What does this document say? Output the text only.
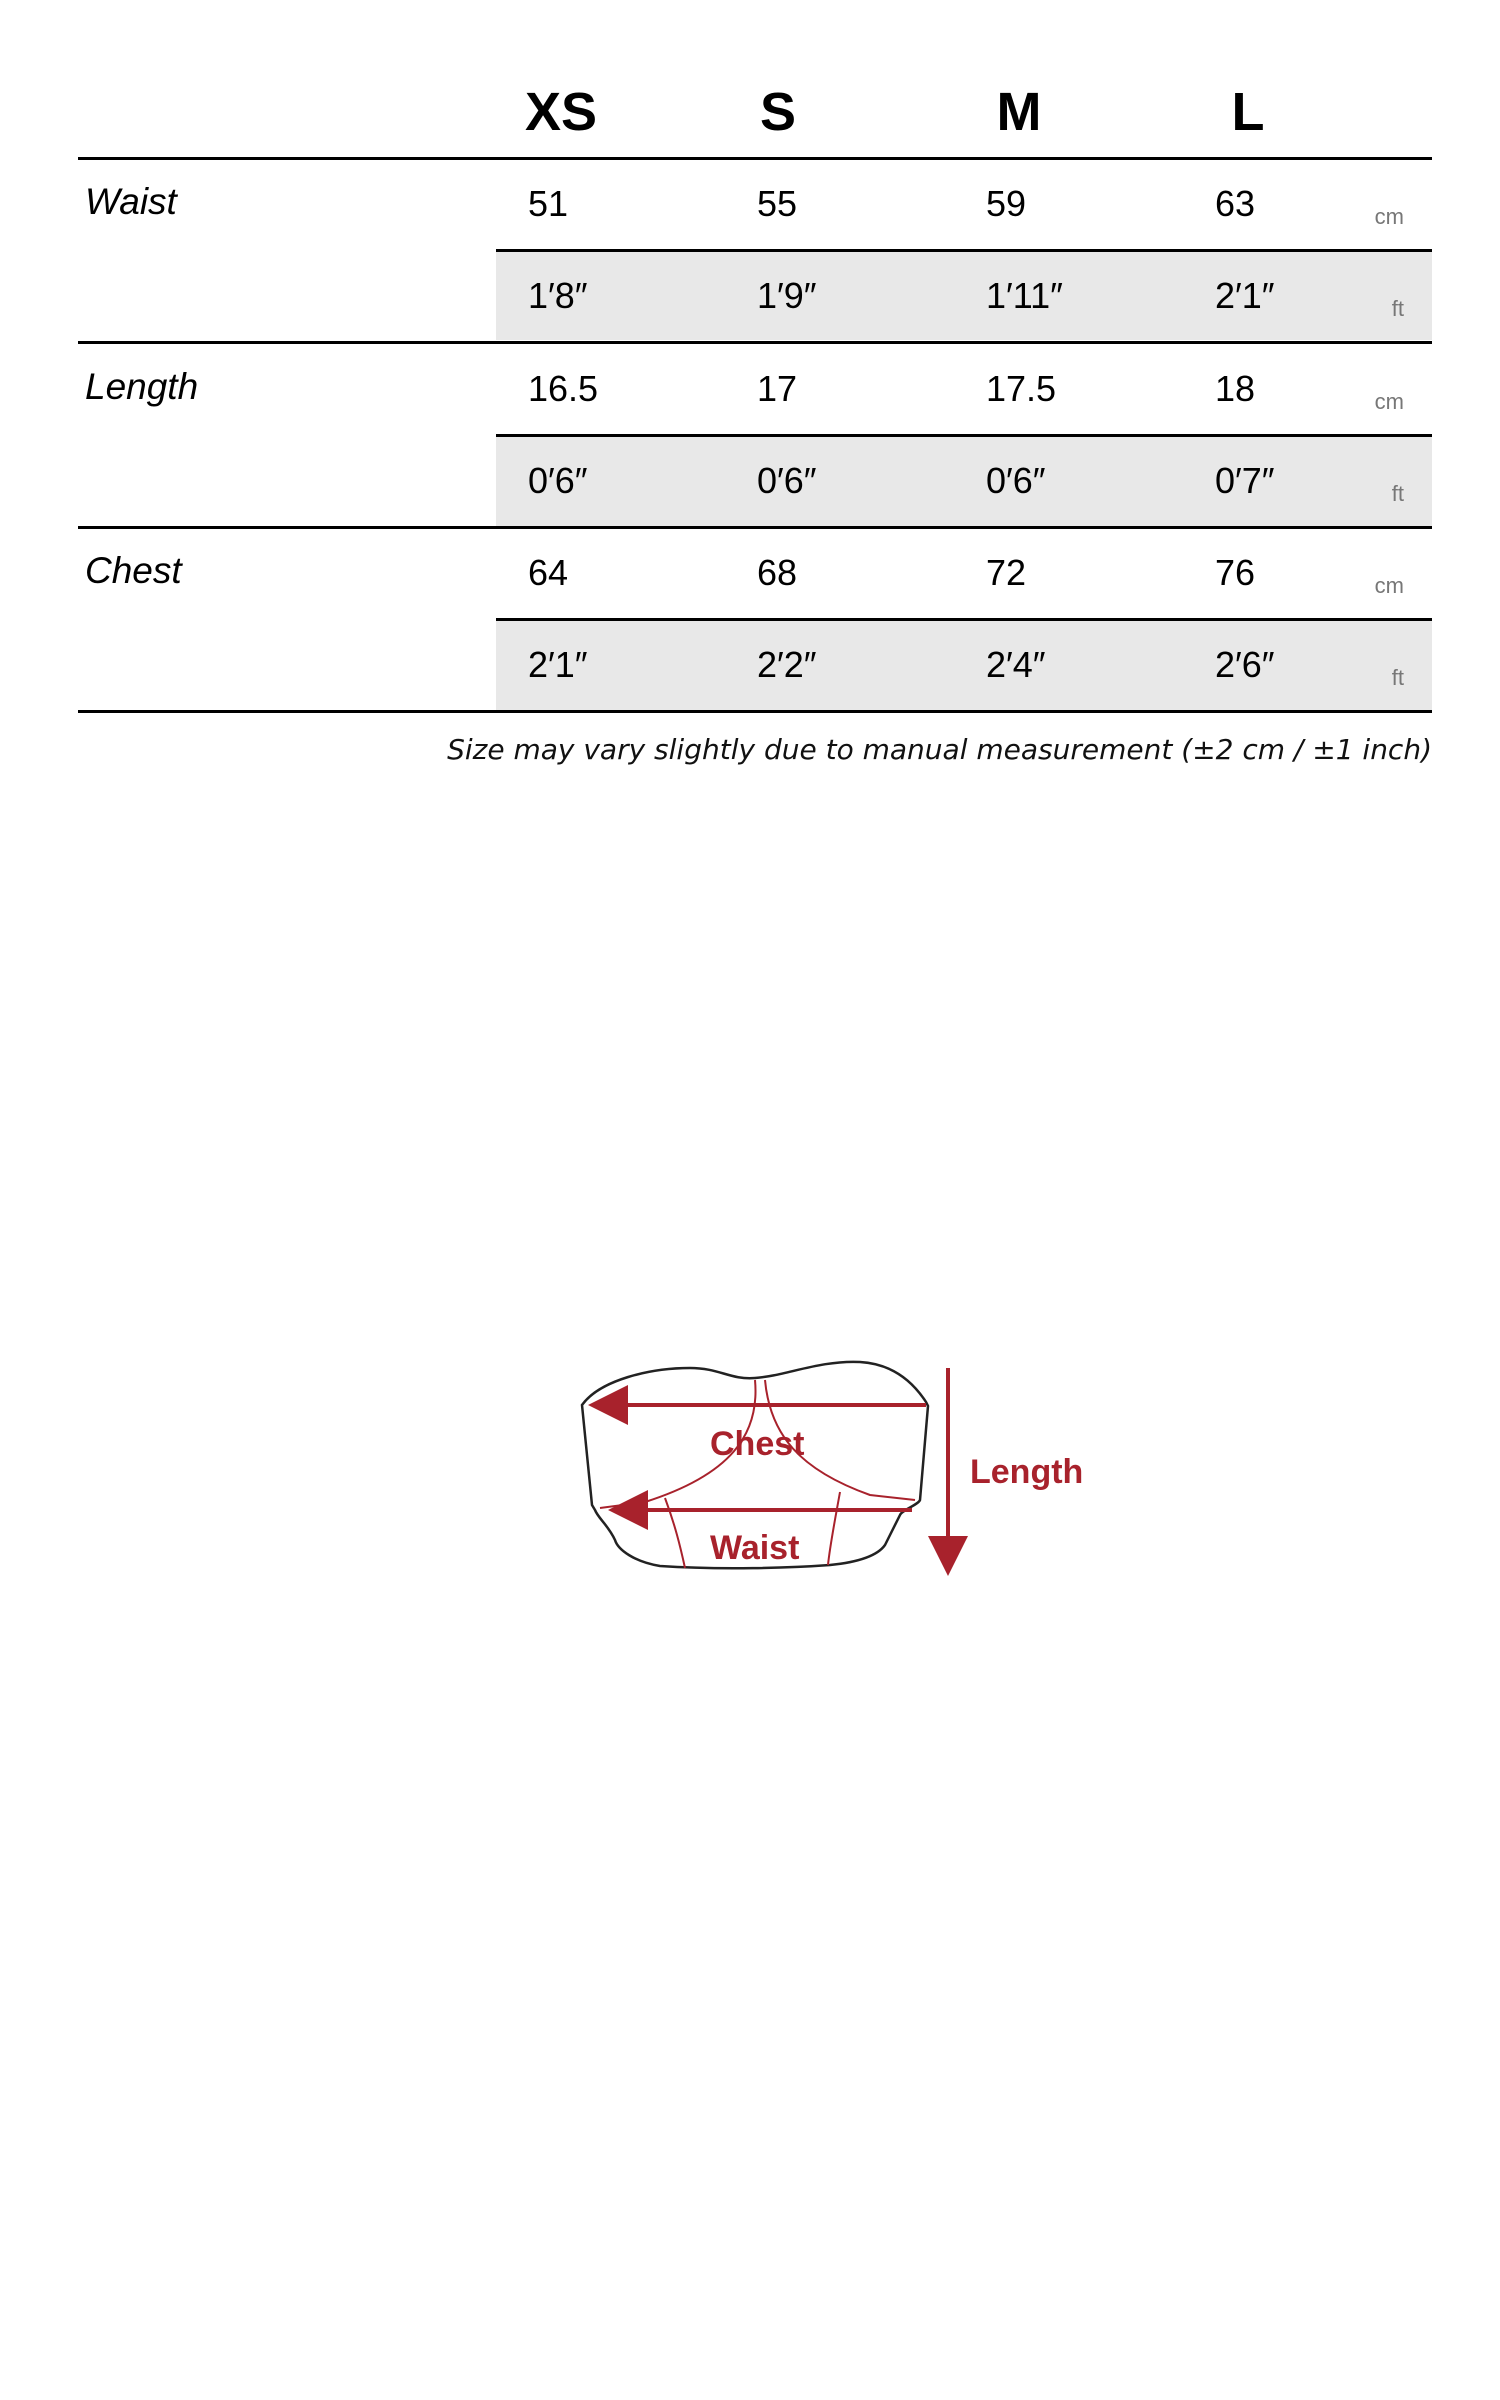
XS	S	M	L
Waist	51	55	59	63	cm
1′8″	1′9″	1′11″	2′1″	ft
Length	16.5	17	17.5	18	cm
0′6″	0′6″	0′6″	0′7″	ft
Chest	64	68	72	76	cm
2′1″	2′2″	2′4″	2′6″	ft
Size may vary slightly due to manual measurement (±2 cm / ±1 inch)
Chest
Waist
Length
